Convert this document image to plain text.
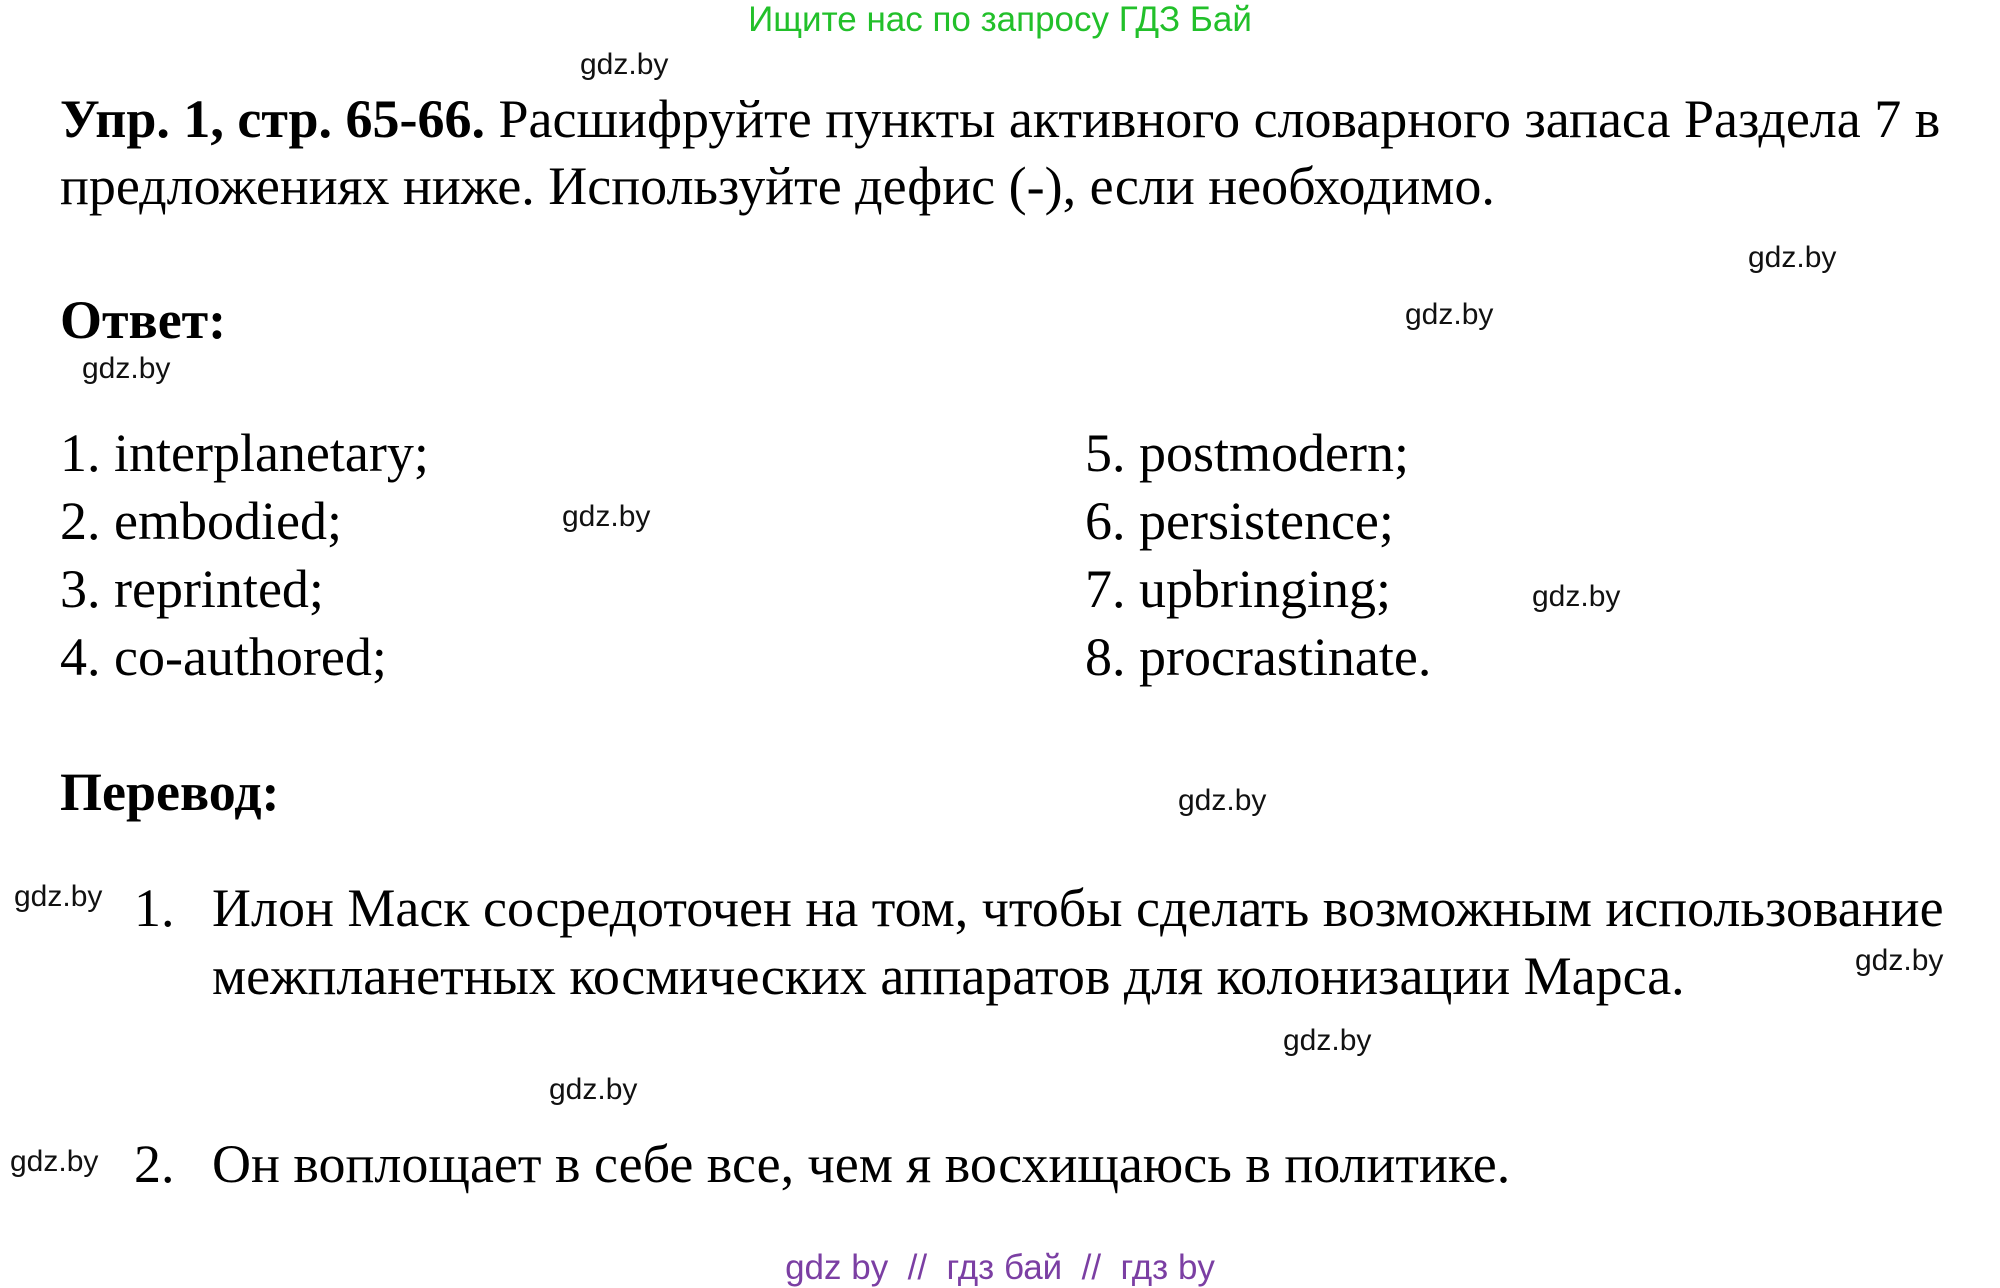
Ищите нас по запросу ГДЗ Бай
Упр. 1, стр. 65-66. Расшифруйте пункты активного словарного запаса Раздела 7 в предложениях ниже. Используйте дефис (-), если необходимо.
Ответ:
1. interplanetary;
2. embodied;
3. reprinted;
4. co-authored;
5. postmodern;
6. persistence;
7. upbringing;
8. procrastinate.
Перевод:
1. Илон Маск сосредоточен на том, чтобы сделать возможным использование межпланетных космических аппаратов для колонизации Марса.
2. Он воплощает в себе все, чем я восхищаюсь в политике.
gdz.by
gdz.by
gdz.by
gdz.by
gdz.by
gdz.by
gdz.by
gdz.by
gdz.by
gdz.by
gdz.by
gdz.by
gdz by  //  гдз бай  //  гдз by
